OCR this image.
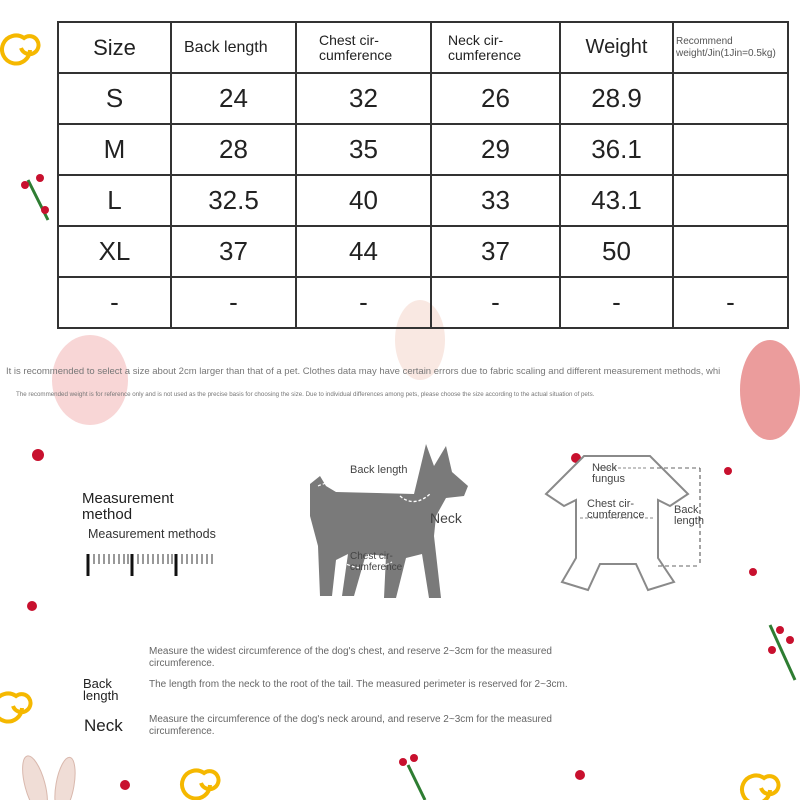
Size	Back length	Chest cir-cumference	Neck cir-cumference	Weight	Recommend weight/Jin(1Jin=0.5kg)
S	24	32	26	28.9	
M	28	35	29	36.1	
L	32.5	40	33	43.1	
XL	37	44	37	50	
-	-	-	-	-	-
It is recommended to select a size about 2cm larger than that of a pet. Clothes data may have certain errors due to fabric scaling and different measurement methods, whi
The recommended weight is for reference only and is not used as the precise basis for choosing the size. Due to individual differences among pets, please choose the size according to the actual situation of pets.
Measurement method
Measurement methods
Back length
Neck
Chest cir-cumference
Neck fungus
Chest cir-cumference	Back length
Measure the widest circumference of the dog's chest, and reserve 2~3cm for the measured circumference.
Back length
The length from the neck to the root of the tail. The measured perimeter is reserved for 2~3cm.
Neck	Measure the circumference of the dog's neck around, and reserve 2~3cm for the measured circumference.
